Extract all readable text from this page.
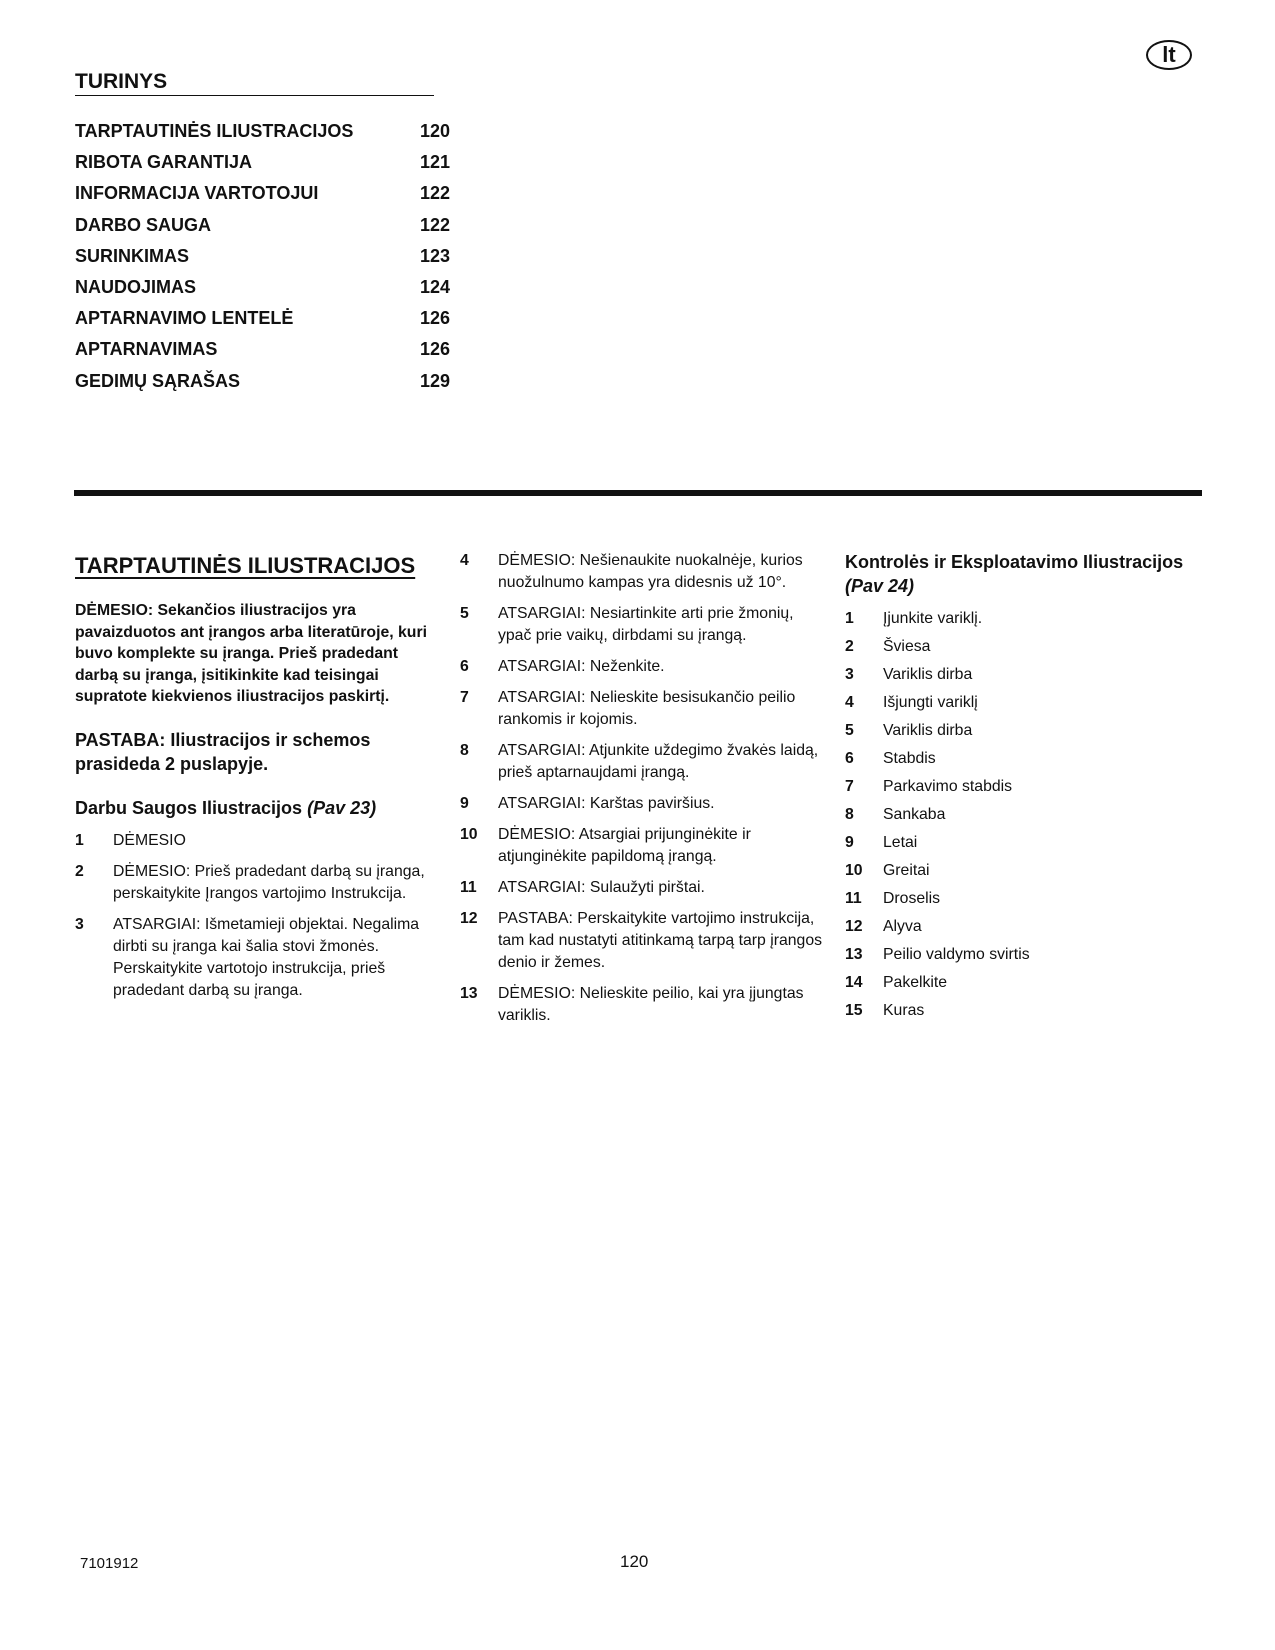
lt
TURINYS
TARPTAUTINĖS ILIUSTRACIJOS	120
RIBOTA GARANTIJA	121
INFORMACIJA VARTOTOJUI	122
DARBO SAUGA	122
SURINKIMAS	123
NAUDOJIMAS	124
APTARNAVIMO LENTELĖ	126
APTARNAVIMAS	126
GEDIMŲ SĄRAŠAS	129
TARPTAUTINĖS ILIUSTRACIJOS
DĖMESIO: Sekančios iliustracijos yra pavaizduotos ant įrangos arba literatūroje, kuri buvo komplekte su įranga. Prieš pradedant darbą su įranga, įsitikinkite kad teisingai supratote kiekvienos iliustracijos paskirtį.
PASTABA: Iliustracijos ir schemos prasideda 2 puslapyje.
Darbu Saugos Iliustracijos (Pav 23)
1	DĖMESIO
2	DĖMESIO: Prieš pradedant darbą su įranga, perskaitykite Įrangos vartojimo Instrukcija.
3	ATSARGIAI: Išmetamieji objektai. Negalima dirbti su įranga kai šalia stovi žmonės. Perskaitykite vartotojo instrukcija, prieš pradedant darbą su įranga.
4	DĖMESIO: Nešienaukite nuokalnėje, kurios nuožulnumo kampas yra didesnis už 10°.
5	ATSARGIAI: Nesiartinkite arti prie žmonių, ypač prie vaikų, dirbdami su įrangą.
6	ATSARGIAI: Neženkite.
7	ATSARGIAI: Nelieskite besisukančio peilio rankomis ir kojomis.
8	ATSARGIAI: Atjunkite uždegimo žvakės laidą, prieš aptarnaujdami įrangą.
9	ATSARGIAI: Karštas paviršius.
10	DĖMESIO: Atsargiai prijunginėkite ir atjunginėkite papildomą įrangą.
11	ATSARGIAI: Sulaužyti pirštai.
12	PASTABA: Perskaitykite vartojimo instrukcija, tam kad nustatyti atitinkamą tarpą tarp įrangos denio ir žemes.
13	DĖMESIO: Nelieskite peilio, kai yra įjungtas variklis.
Kontrolės ir Eksploatavimo Iliustracijos
(Pav 24)
1	Įjunkite variklį.
2	Šviesa
3	Variklis dirba
4	Išjungti variklį
5	Variklis dirba
6	Stabdis
7	Parkavimo stabdis
8	Sankaba
9	Letai
10	Greitai
11	Droselis
12	Alyva
13	Peilio valdymo svirtis
14	Pakelkite
15	Kuras
7101912	120
